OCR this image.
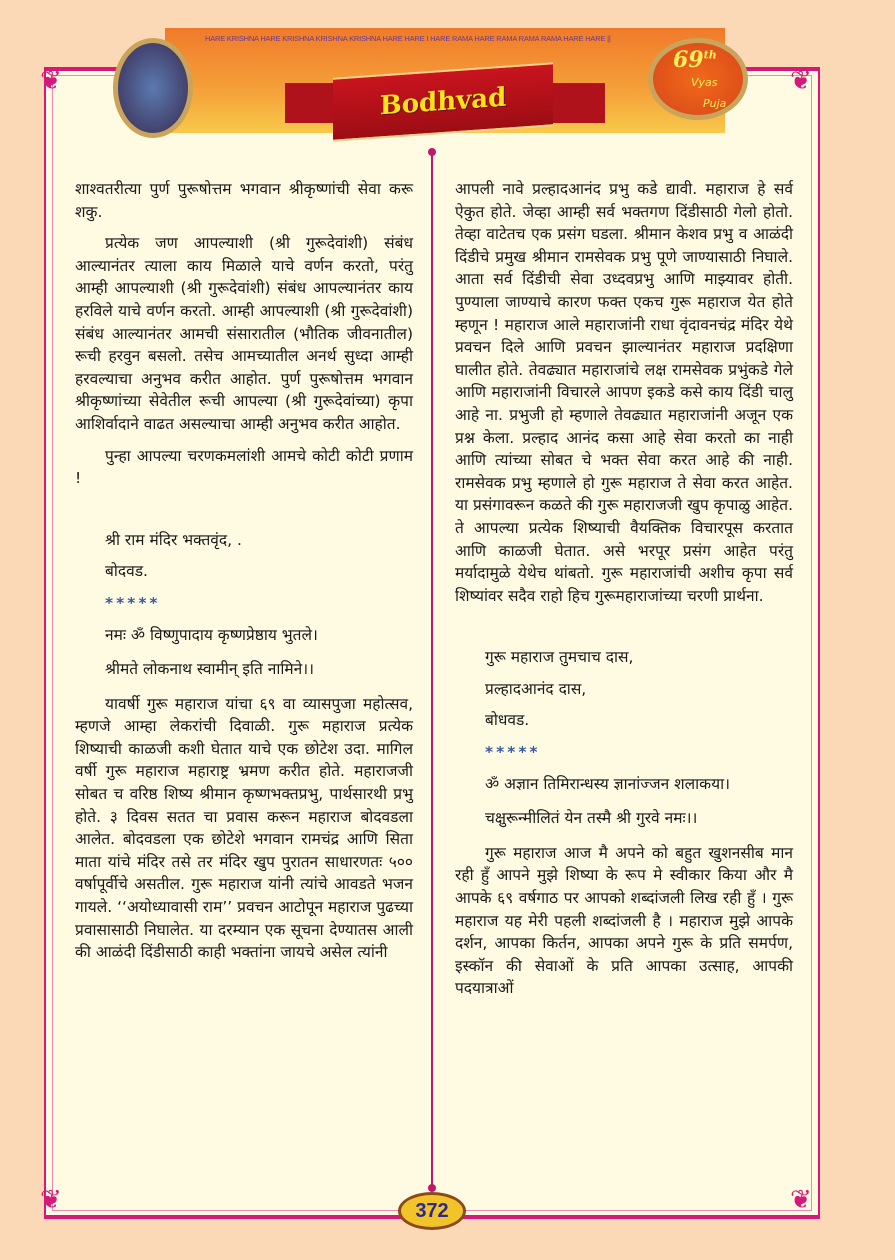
❦	❦
❦	❦
HARE KRISHNA HARE KRISHNA KRISHNA KRISHNA HARE HARE I HARE RAMA HARE RAMA RAMA RAMA HARE HARE ||
Bodhvad
69th
Vyas
Puja

शाश्वतरीत्या पुर्ण पुरूषोत्तम भगवान श्रीकृष्णांची सेवा करू शकु.

प्रत्येक जण आपल्याशी (श्री गुरूदेवांशी) संबंध आल्यानंतर त्याला काय मिळाले याचे वर्णन करतो, परंतु आम्ही आपल्याशी (श्री गुरूदेवांशी) संबंध आपल्यानंतर काय हरविले याचे वर्णन करतो. आम्ही आपल्याशी (श्री गुरूदेवांशी) संबंध आल्यानंतर आमची संसारातील (भौतिक जीवनातील) रूची हरवुन बसलो. तसेच आमच्यातील अनर्थ सुध्दा आम्ही हरवल्याचा अनुभव करीत आहोत. पुर्ण पुरूषोत्तम भगवान श्रीकृष्णांच्या सेवेतील रूची आपल्या (श्री गुरूदेवांच्या) कृपा आशिर्वादाने वाढत असल्याचा आम्ही अनुभव करीत आहोत.

पुन्हा आपल्या चरणकमलांशी आमचे कोटी कोटी प्रणाम !

श्री राम मंदिर भक्तवृंद, .

बोदवड.

*****

नमः ॐ विष्णुपादाय कृष्णप्रेष्ठाय भुतले।

श्रीमते लोकनाथ स्वामीन् इति नामिने।।

यावर्षी गुरू महाराज यांचा ६९ वा व्यासपुजा महोत्सव, म्हणजे आम्हा लेकरांची दिवाळी. गुरू महाराज प्रत्येक शिष्याची काळजी कशी घेतात याचे एक छोटेश उदा. मागिल वर्षी गुरू महाराज महाराष्ट्र भ्रमण करीत होते. महाराजजी सोबत च वरिष्ठ शिष्य श्रीमान कृष्णभक्तप्रभु, पार्थसारथी प्रभु होते. ३ दिवस सतत चा प्रवास करून महाराज बोदवडला आलेत. बोदवडला एक छोटेशे भगवान रामचंद्र आणि सिता माता यांचे मंदिर तसे तर मंदिर खुप पुरातन साधारणतः ५०० वर्षापूर्वीचे असतील. गुरू महाराज यांनी त्यांचे आवडते भजन गायले. ‘‘अयोध्यावासी राम’’ प्रवचन आटोपून महाराज पुढच्या प्रवासासाठी निघालेत. या दरम्यान एक सूचना देण्यातस आली की आळंदी दिंडीसाठी काही भक्तांना जायचे असेल त्यांनी

आपली नावे प्रल्हादआनंद प्रभु कडे द्यावी. महाराज हे सर्व ऐकुत होते. जेव्हा आम्ही सर्व भक्तगण दिंडीसाठी गेलो होतो. तेव्हा वाटेतच एक प्रसंग घडला. श्रीमान केशव प्रभु व आळंदी दिंडीचे प्रमुख श्रीमान रामसेवक प्रभु पूणे जाण्यासाठी निघाले. आता सर्व दिंडीची सेवा उध्दवप्रभु आणि माझ्यावर होती. पुण्याला जाण्याचे कारण फक्त एकच गुरू महाराज येत होते म्हणून ! महाराज आले महाराजांनी राधा वृंदावनचंद्र मंदिर येथे प्रवचन दिले आणि प्रवचन झाल्यानंतर महाराज प्रदक्षिणा घालीत होते. तेवढ्यात महाराजांचे लक्ष रामसेवक प्रभुंकडे गेले आणि महाराजांनी विचारले आपण इकडे कसे काय दिंडी चालु आहे ना. प्रभुजी हो म्हणाले तेवढ्यात महाराजांनी अजून एक प्रश्न केला. प्रल्हाद आनंद कसा आहे सेवा करतो का नाही आणि त्यांच्या सोबत चे भक्त सेवा करत आहे की नाही. रामसेवक प्रभु म्हणाले हो गुरू महाराज ते सेवा करत आहेत. या प्रसंगावरून कळते की गुरू महाराजजी खुप कृपाळु आहेत. ते आपल्या प्रत्येक शिष्याची वैयक्तिक विचारपूस करतात आणि काळजी घेतात. असे भरपूर प्रसंग आहेत परंतु मर्यादामुळे येथेच थांबतो. गुरू महाराजांची अशीच कृपा सर्व शिष्यांवर सदैव राहो हिच गुरूमहाराजांच्या चरणी प्रार्थना.

गुरू महाराज तुमचाच दास,

प्रल्हादआनंद दास,

बोधवड.

*****

ॐ अज्ञान तिमिरान्धस्य ज्ञानांज्जन शलाकया।

चक्षुरून्मीलितं येन तस्मै श्री गुरवे नमः।।

गुरू महाराज आज मै अपने को बहुत खुशनसीब मान रही हुँ आपने मुझे शिष्या के रूप मे स्वीकार किया और मै आपके ६९ वर्षगाठ पर आपको शब्दांजली लिख रही हुँ । गुरू महाराज यह मेरी पहली शब्दांजली है । महाराज मुझे आपके दर्शन, आपका किर्तन, आपका अपने गुरू के प्रति समर्पण, इस्कॉन की सेवाओं के प्रति आपका उत्साह, आपकी पदयात्राओं

372
